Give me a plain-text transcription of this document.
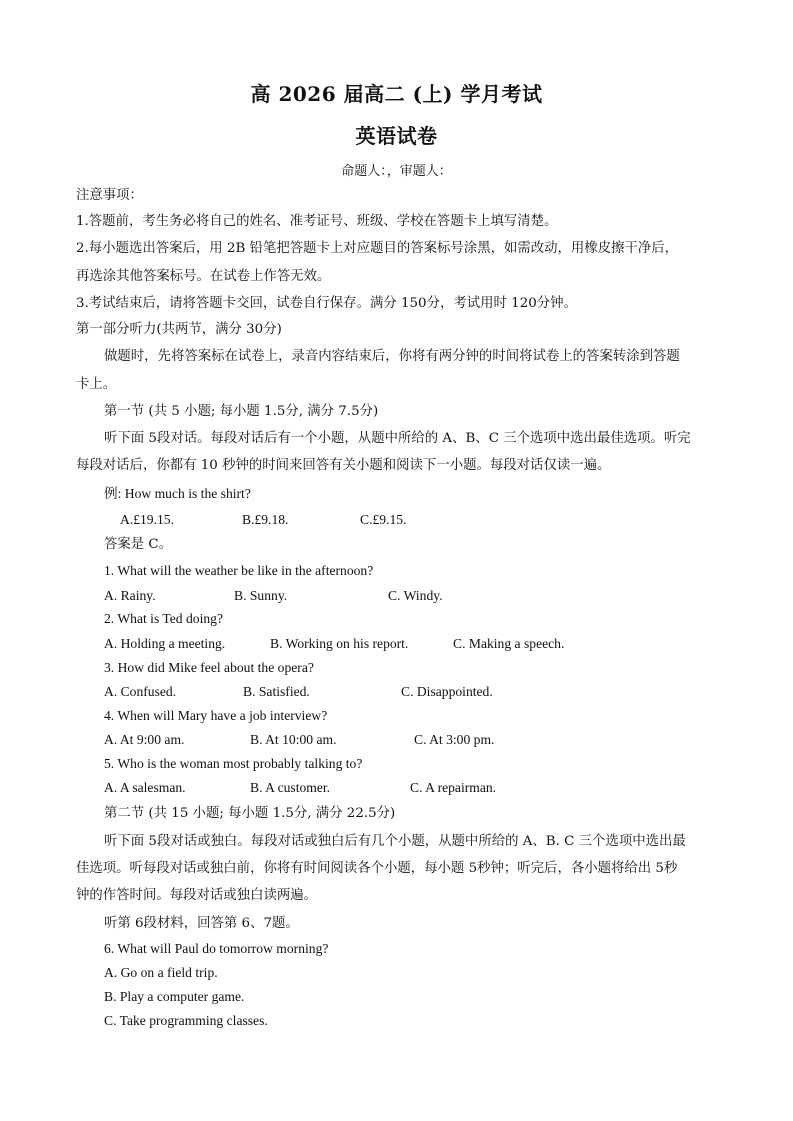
高 2026 届高二 (上) 学月考试
英语试卷
命题人：，审题人：
注意事项：
1.答题前，考生务必将自己的姓名、准考证号、班级、学校在答题卡上填写清楚。
2.每小题选出答案后，用 2B 铅笔把答题卡上对应题目的答案标号涂黑，如需改动，用橡皮擦干净后，
再选涂其他答案标号。在试卷上作答无效。
3.考试结束后，请将答题卡交回，试卷自行保存。满分 150分，考试用时 120分钟。
第一部分听力(共两节，满分 30分)
做题时，先将答案标在试卷上，录音内容结束后，你将有两分钟的时间将试卷上的答案转涂到答题
卡上。
第一节 (共 5 小题; 每小题 1.5分, 满分 7.5分)
听下面 5段对话。每段对话后有一个小题，从题中所给的 A、B、C 三个选项中选出最佳选项。听完
每段对话后，你都有 10 秒钟的时间来回答有关小题和阅读下一小题。每段对话仅读一遍。
例: How much is the shirt?
A.£19.15.	B.£9.18.	C.£9.15.
答案是 C。
1. What will the weather be like in the afternoon?
A. Rainy.	B. Sunny.	C. Windy.
2. What is Ted doing?
A. Holding a meeting.	B. Working on his report.	C. Making a speech.
3. How did Mike feel about the opera?
A. Confused.	B. Satisfied.	C. Disappointed.
4. When will Mary have a job interview?
A. At 9:00 am.	B. At 10:00 am.	C. At 3:00 pm.
5. Who is the woman most probably talking to?
A. A salesman.	B. A customer.	C. A repairman.
第二节 (共 15 小题; 每小题 1.5分, 满分 22.5分)
听下面 5段对话或独白。每段对话或独白后有几个小题，从题中所给的 A、B. C 三个选项中选出最
佳选项。听每段对话或独白前，你将有时间阅读各个小题，每小题 5秒钟；听完后，各小题将给出 5秒
钟的作答时间。每段对话或独白读两遍。
听第 6段材料，回答第 6、7题。
6. What will Paul do tomorrow morning?
A. Go on a field trip.
B. Play a computer game.
C. Take programming classes.
